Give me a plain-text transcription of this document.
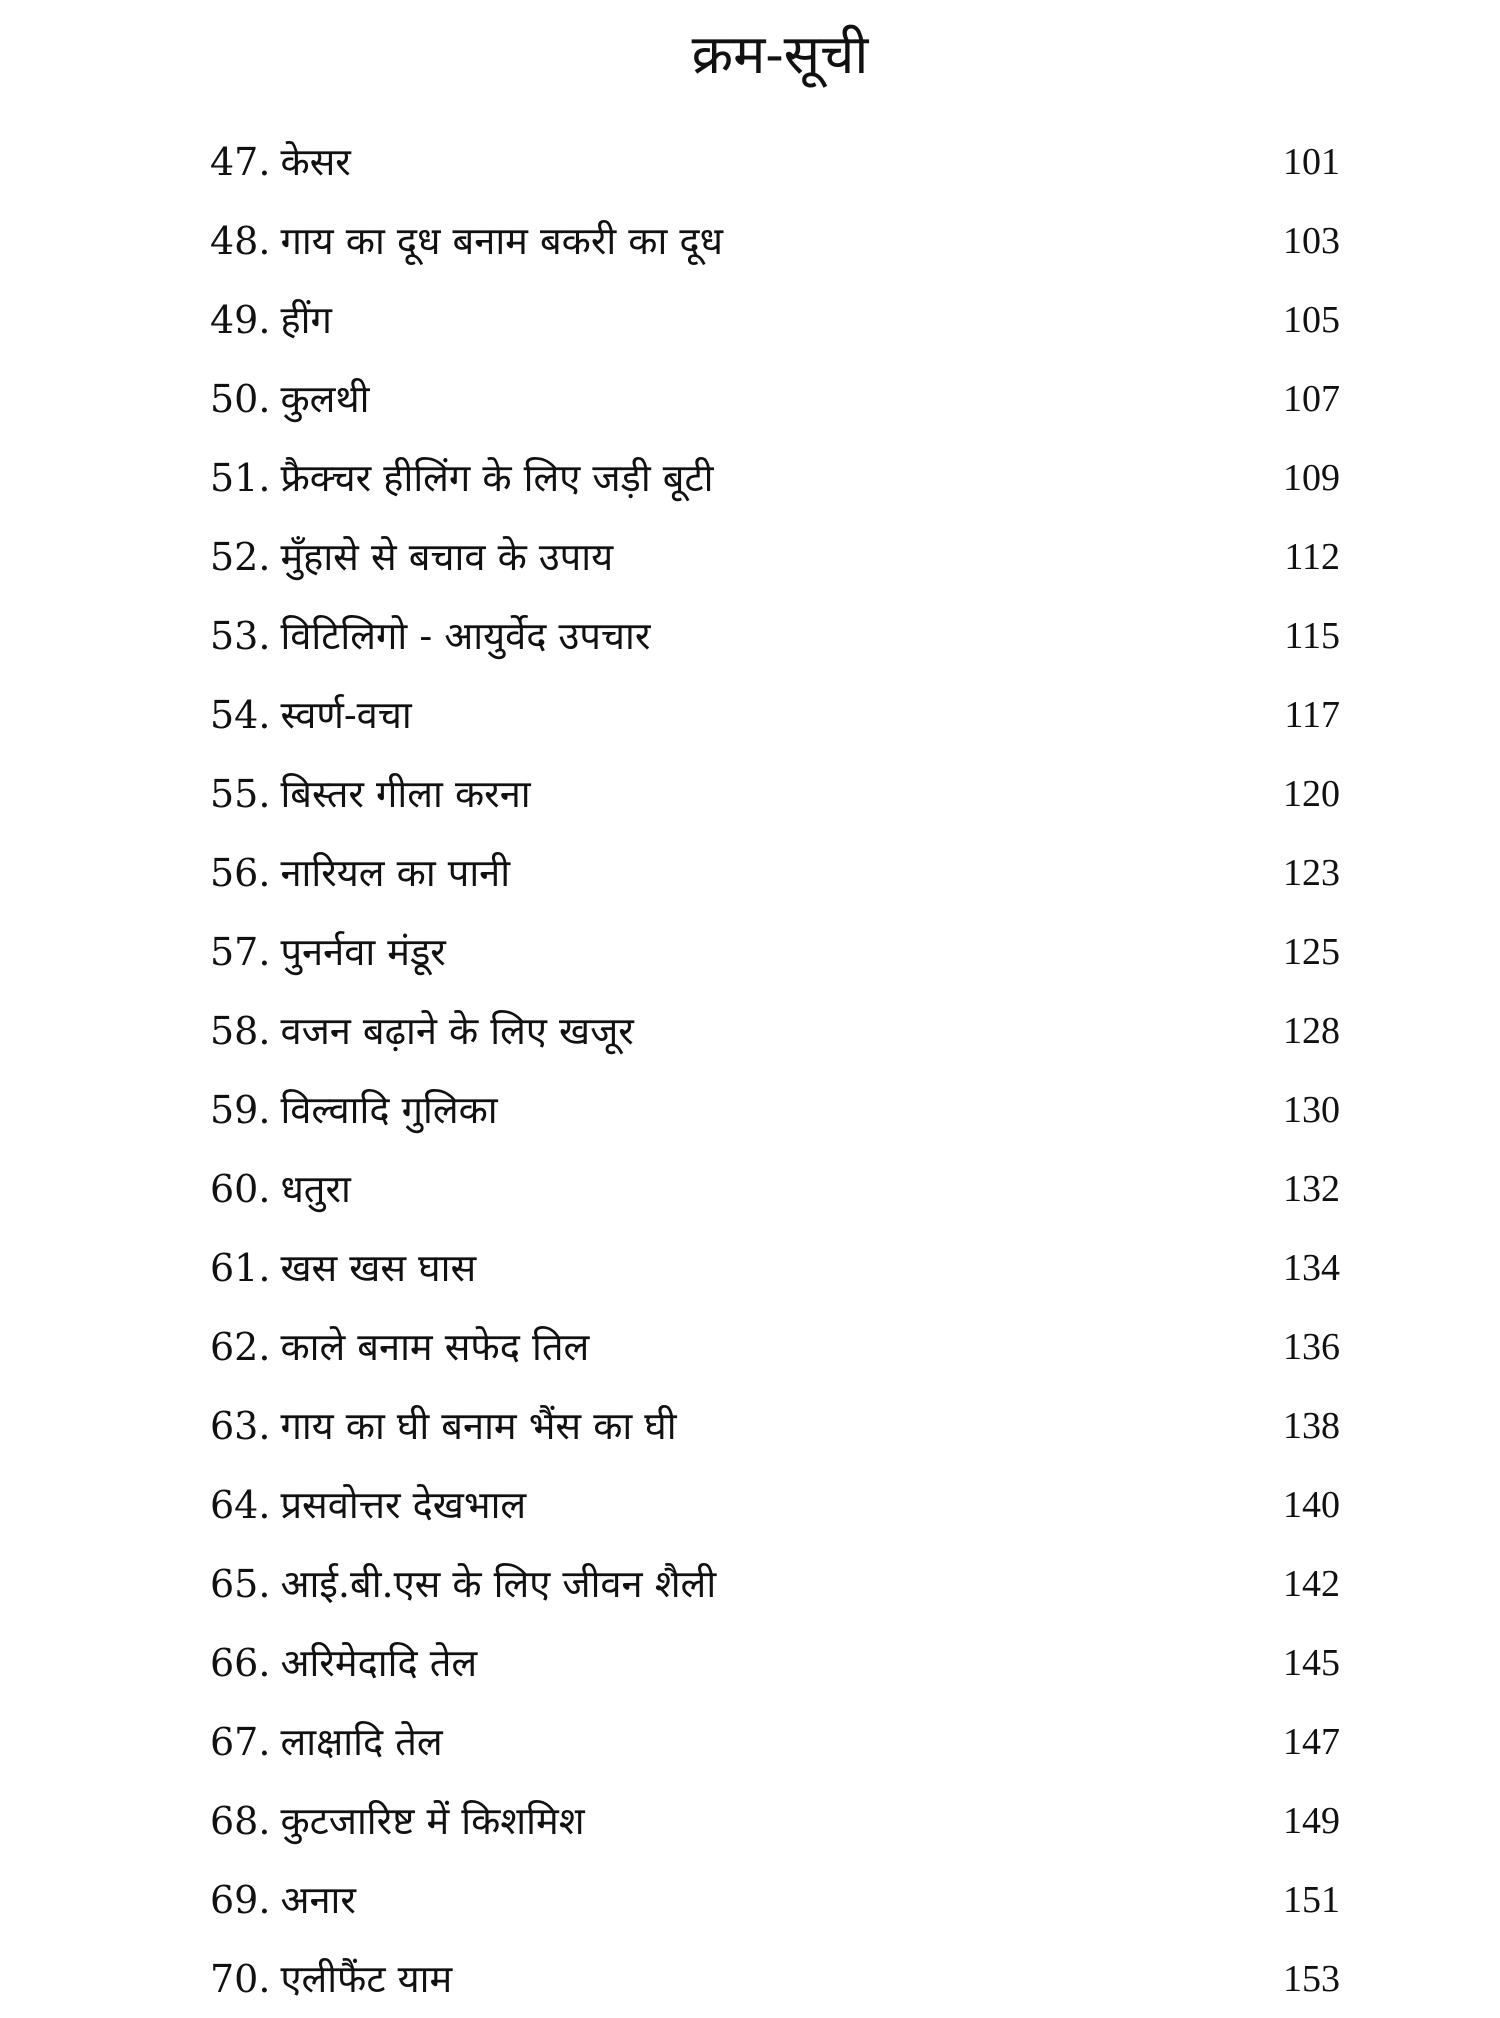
क्रम-सूची
47. केसर	101
48. गाय का दूध बनाम बकरी का दूध	103
49. हींग	105
50. कुलथी	107
51. फ्रैक्चर हीलिंग के लिए जड़ी बूटी	109
52. मुँहासे से बचाव के उपाय	112
53. विटिलिगो - आयुर्वेद उपचार	115
54. स्वर्ण-वचा	117
55. बिस्तर गीला करना	120
56. नारियल का पानी	123
57. पुनर्नवा मंडूर	125
58. वजन बढ़ाने के लिए खजूर	128
59. विल्वादि गुलिका	130
60. धतुरा	132
61. खस खस घास	134
62. काले बनाम सफेद तिल	136
63. गाय का घी बनाम भैंस का घी	138
64. प्रसवोत्तर देखभाल	140
65. आई.बी.एस के लिए जीवन शैली	142
66. अरिमेदादि तेल	145
67. लाक्षादि तेल	147
68. कुटजारिष्ट में किशमिश	149
69. अनार	151
70. एलीफैंट याम	153
